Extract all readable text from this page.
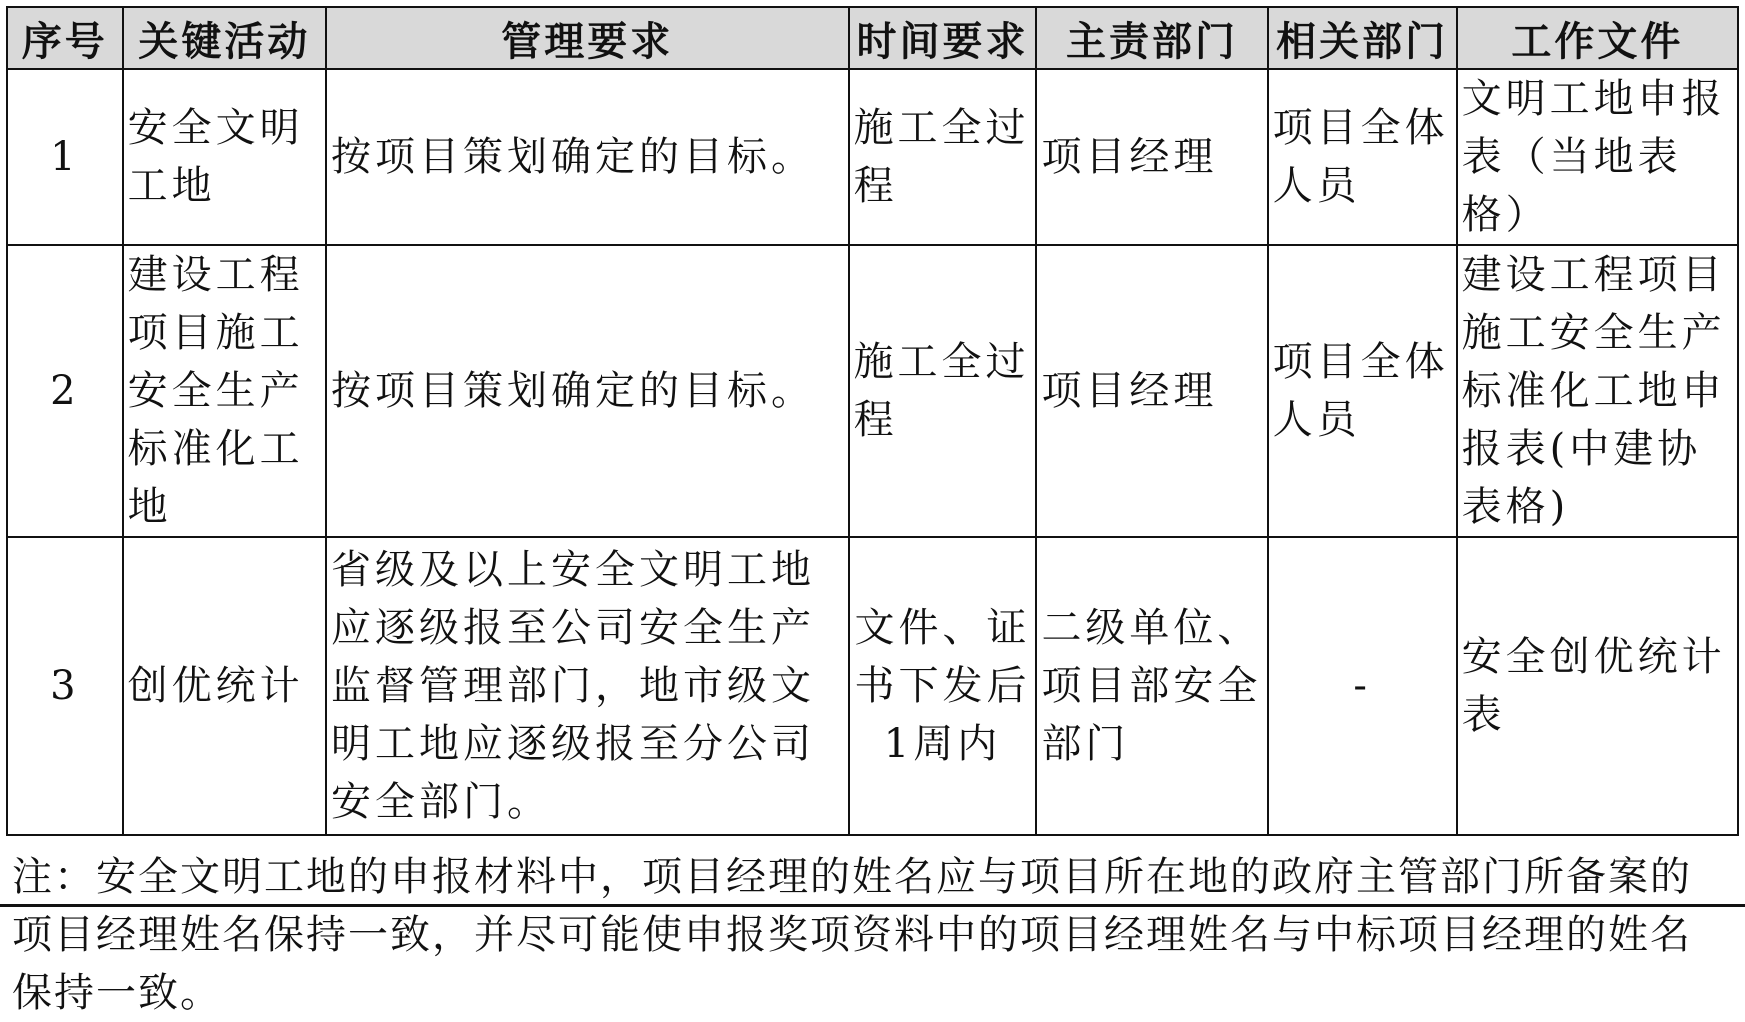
序号	关键活动	管理要求	时间要求	主责部门	相关部门	工作文件
1	安全文明工地	按项目策划确定的目标。	施工全过程	项目经理	项目全体人员	文明工地申报表（当地表格）
2	建设工程项目施工安全生产标准化工地	按项目策划确定的目标。	施工全过程	项目经理	项目全体人员	建设工程项目施工安全生产标准化工地申报表(中建协表格)
3	创优统计	省级及以上安全文明工地应逐级报至公司安全生产监督管理部门，地市级文明工地应逐级报至分公司安全部门。	文件、证书下发后1周内	二级单位、项目部安全部门	-	安全创优统计表
注：安全文明工地的申报材料中，项目经理的姓名应与项目所在地的政府主管部门所备案的项目经理姓名保持一致，并尽可能使申报奖项资料中的项目经理姓名与中标项目经理的姓名保持一致。
